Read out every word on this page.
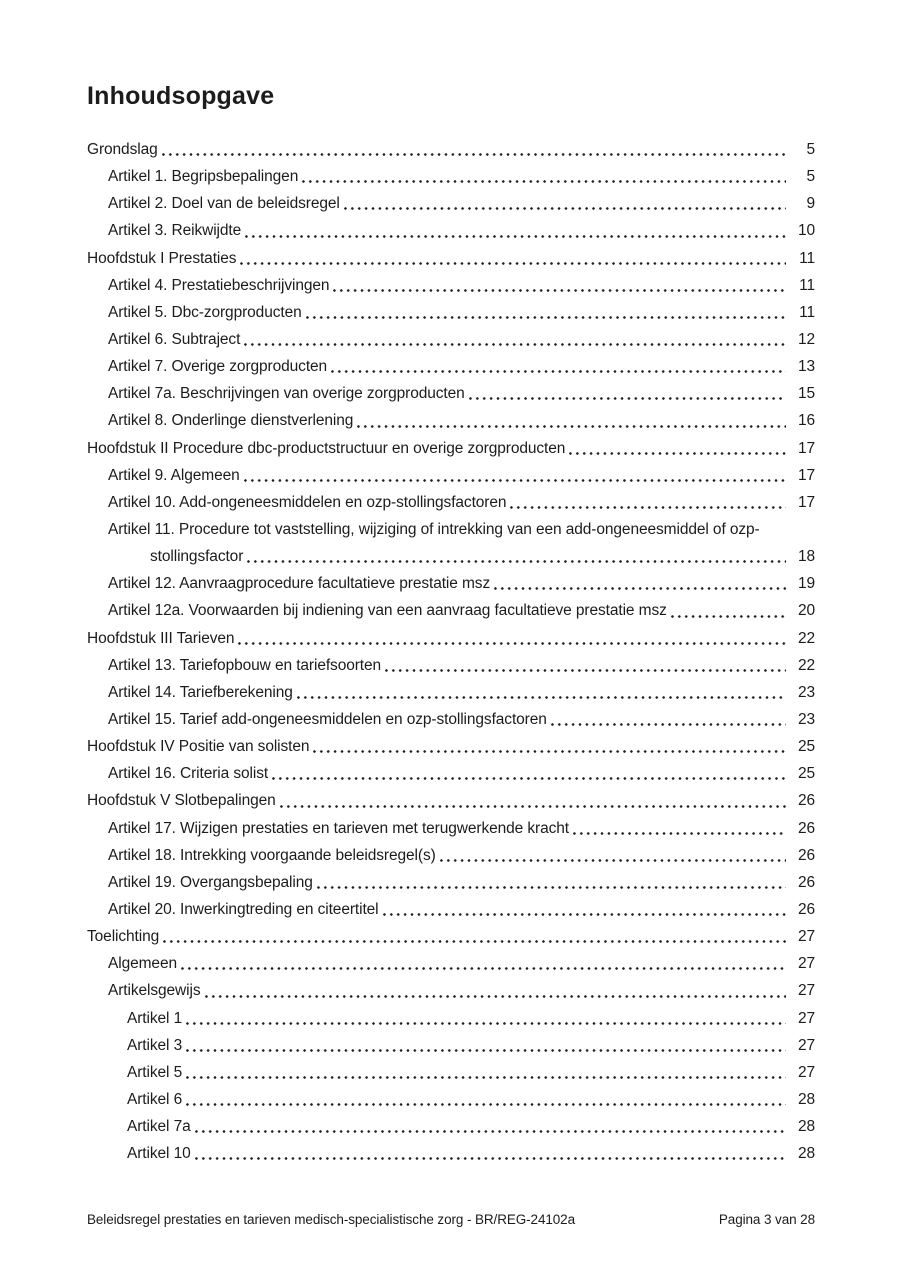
Inhoudsopgave
Grondslag	5
Artikel 1. Begripsbepalingen	5
Artikel 2. Doel van de beleidsregel	9
Artikel 3. Reikwijdte	10
Hoofdstuk I Prestaties	11
Artikel 4. Prestatiebeschrijvingen	11
Artikel 5. Dbc-zorgproducten	11
Artikel 6. Subtraject	12
Artikel 7. Overige zorgproducten	13
Artikel 7a. Beschrijvingen van overige zorgproducten	15
Artikel 8. Onderlinge dienstverlening	16
Hoofdstuk II Procedure dbc-productstructuur en overige zorgproducten	17
Artikel 9. Algemeen	17
Artikel 10. Add-ongeneesmiddelen en ozp-stollingsfactoren	17
Artikel 11. Procedure tot vaststelling, wijziging of intrekking van een add-ongeneesmiddel of ozp-
stollingsfactor	18
Artikel 12. Aanvraagprocedure facultatieve prestatie msz	19
Artikel 12a. Voorwaarden bij indiening van een aanvraag facultatieve prestatie msz	20
Hoofdstuk III Tarieven	22
Artikel 13. Tariefopbouw en tariefsoorten	22
Artikel 14. Tariefberekening	23
Artikel 15. Tarief add-ongeneesmiddelen en ozp-stollingsfactoren	23
Hoofdstuk IV Positie van solisten	25
Artikel 16. Criteria solist	25
Hoofdstuk V Slotbepalingen	26
Artikel 17. Wijzigen prestaties en tarieven met terugwerkende kracht	26
Artikel 18. Intrekking voorgaande beleidsregel(s)	26
Artikel 19. Overgangsbepaling	26
Artikel 20. Inwerkingtreding en citeertitel	26
Toelichting	27
Algemeen	27
Artikelsgewijs	27
Artikel 1	27
Artikel 3	27
Artikel 5	27
Artikel 6	28
Artikel 7a	28
Artikel 10	28
Beleidsregel prestaties en tarieven medisch-specialistische zorg - BR/REG-24102a	Pagina 3 van 28
